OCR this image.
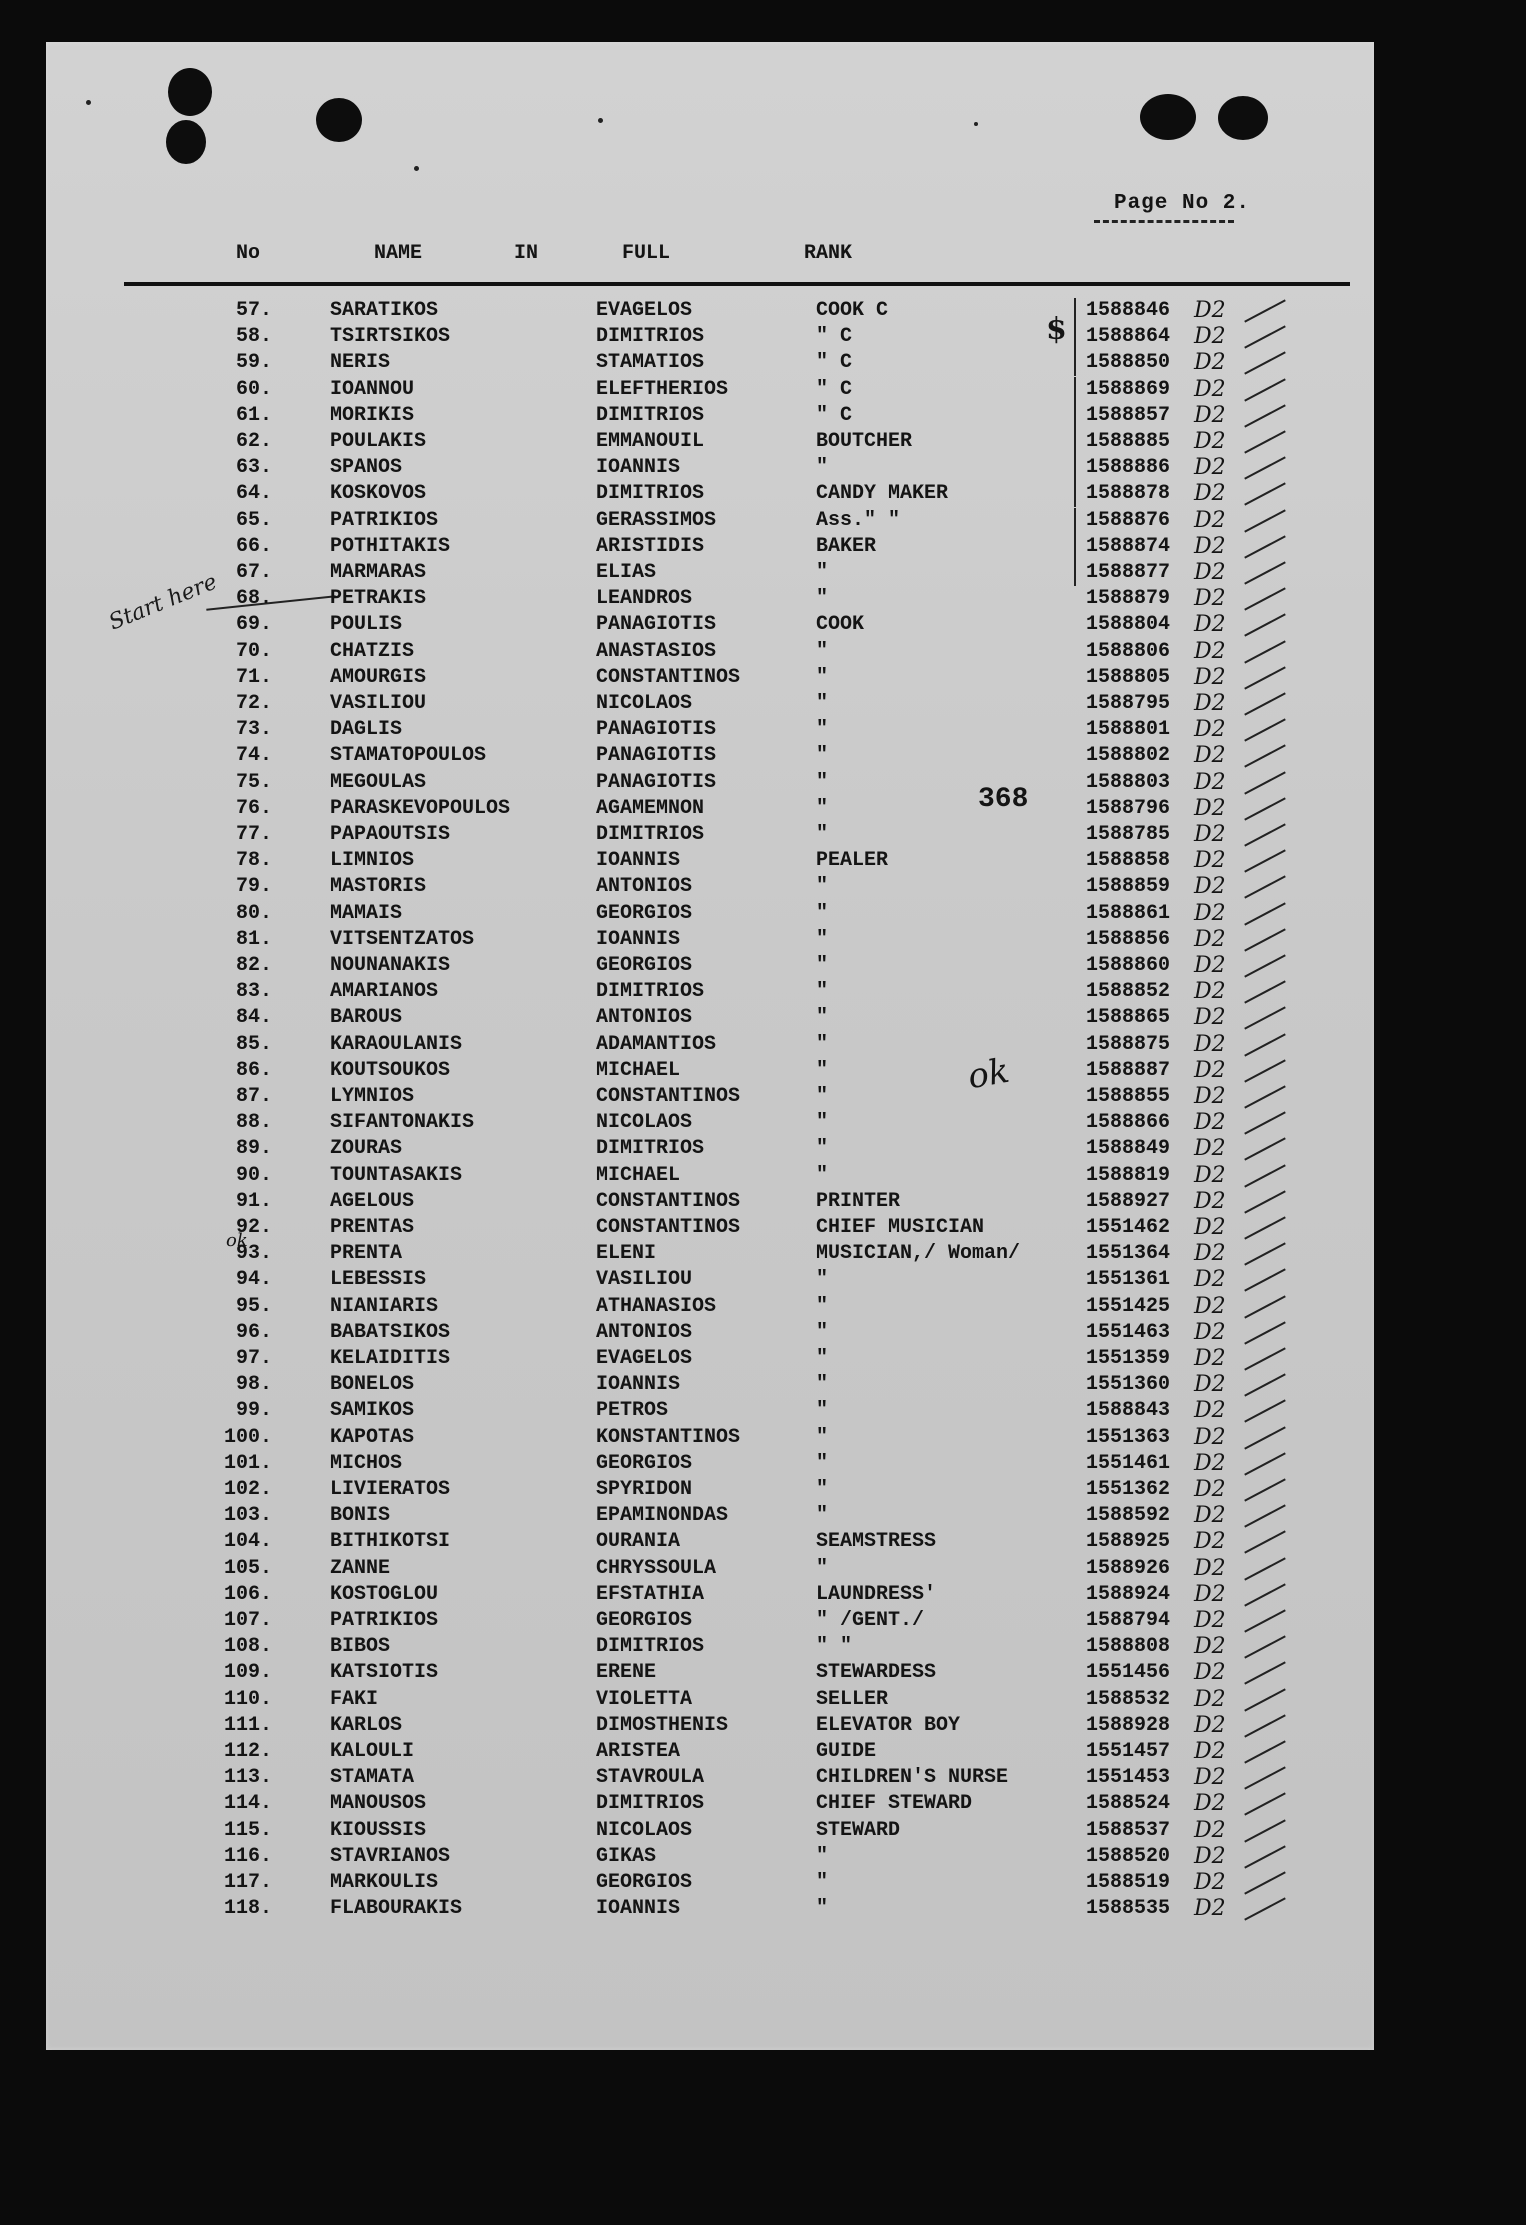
Page No 2.
No	NAME	IN	FULL	RANK
$
Start here
368
ok
ok
57.	SARATIKOS	EVAGELOS	COOK C	1588846 D2
58.	TSIRTSIKOS	DIMITRIOS	" C	1588864 D2
59.	NERIS	STAMATIOS	" C	1588850 D2
60.	IOANNOU	ELEFTHERIOS	" C	1588869 D2
61.	MORIKIS	DIMITRIOS	" C	1588857 D2
62.	POULAKIS	EMMANOUIL	BOUTCHER	1588885 D2
63.	SPANOS	IOANNIS	"	1588886 D2
64.	KOSKOVOS	DIMITRIOS	CANDY MAKER	1588878 D2
65.	PATRIKIOS	GERASSIMOS	Ass." "	1588876 D2
66.	POTHITAKIS	ARISTIDIS	BAKER	1588874 D2
67.	MARMARAS	ELIAS	"	1588877 D2
68.	PETRAKIS	LEANDROS	"	1588879 D2
69.	POULIS	PANAGIOTIS	COOK	1588804 D2
70.	CHATZIS	ANASTASIOS	"	1588806 D2
71.	AMOURGIS	CONSTANTINOS	"	1588805 D2
72.	VASILIOU	NICOLAOS	"	1588795 D2
73.	DAGLIS	PANAGIOTIS	"	1588801 D2
74.	STAMATOPOULOS	PANAGIOTIS	"	1588802 D2
75.	MEGOULAS	PANAGIOTIS	"	1588803 D2
76.	PARASKEVOPOULOS	AGAMEMNON	"	1588796 D2
77.	PAPAOUTSIS	DIMITRIOS	"	1588785 D2
78.	LIMNIOS	IOANNIS	PEALER	1588858 D2
79.	MASTORIS	ANTONIOS	"	1588859 D2
80.	MAMAIS	GEORGIOS	"	1588861 D2
81.	VITSENTZATOS	IOANNIS	"	1588856 D2
82.	NOUNANAKIS	GEORGIOS	"	1588860 D2
83.	AMARIANOS	DIMITRIOS	"	1588852 D2
84.	BAROUS	ANTONIOS	"	1588865 D2
85.	KARAOULANIS	ADAMANTIOS	"	1588875 D2
86.	KOUTSOUKOS	MICHAEL	"	1588887 D2
87.	LYMNIOS	CONSTANTINOS	"	1588855 D2
88.	SIFANTONAKIS	NICOLAOS	"	1588866 D2
89.	ZOURAS	DIMITRIOS	"	1588849 D2
90.	TOUNTASAKIS	MICHAEL	"	1588819 D2
91.	AGELOUS	CONSTANTINOS	PRINTER	1588927 D2
92.	PRENTAS	CONSTANTINOS	CHIEF MUSICIAN	1551462 D2
93.	PRENTA	ELENI	MUSICIAN,/ Woman/	1551364 D2
94.	LEBESSIS	VASILIOU	"	1551361 D2
95.	NIANIARIS	ATHANASIOS	"	1551425 D2
96.	BABATSIKOS	ANTONIOS	"	1551463 D2
97.	KELAIDITIS	EVAGELOS	"	1551359 D2
98.	BONELOS	IOANNIS	"	1551360 D2
99.	SAMIKOS	PETROS	"	1588843 D2
100.	KAPOTAS	KONSTANTINOS	"	1551363 D2
101.	MICHOS	GEORGIOS	"	1551461 D2
102.	LIVIERATOS	SPYRIDON	"	1551362 D2
103.	BONIS	EPAMINONDAS	"	1588592 D2
104.	BITHIKOTSI	OURANIA	SEAMSTRESS	1588925 D2
105.	ZANNE	CHRYSSOULA	"	1588926 D2
106.	KOSTOGLOU	EFSTATHIA	LAUNDRESS'	1588924 D2
107.	PATRIKIOS	GEORGIOS	" /GENT./	1588794 D2
108.	BIBOS	DIMITRIOS	" "	1588808 D2
109.	KATSIOTIS	ERENE	STEWARDESS	1551456 D2
110.	FAKI	VIOLETTA	SELLER	1588532 D2
111.	KARLOS	DIMOSTHENIS	ELEVATOR BOY	1588928 D2
112.	KALOULI	ARISTEA	GUIDE	1551457 D2
113.	STAMATA	STAVROULA	CHILDREN'S NURSE	1551453 D2
114.	MANOUSOS	DIMITRIOS	CHIEF STEWARD	1588524 D2
115.	KIOUSSIS	NICOLAOS	STEWARD	1588537 D2
116.	STAVRIANOS	GIKAS	"	1588520 D2
117.	MARKOULIS	GEORGIOS	"	1588519 D2
118.	FLABOURAKIS	IOANNIS	"	1588535 D2
